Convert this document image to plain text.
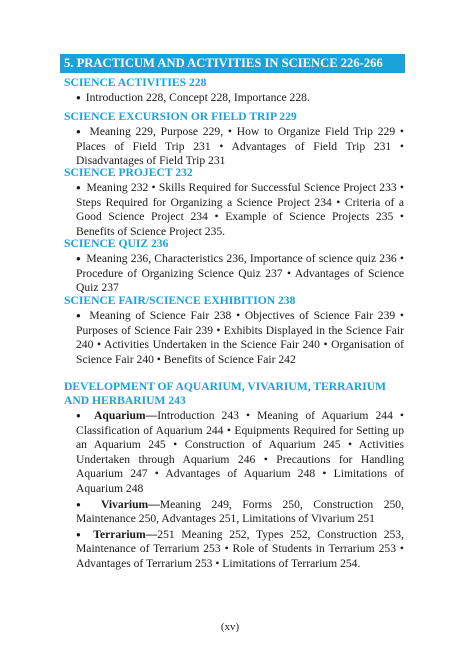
5. PRACTICUM AND ACTIVITIES IN SCIENCE 226-266
SCIENCE ACTIVITIES 228
● Introduction 228, Concept 228, Importance 228.
SCIENCE EXCURSION OR FIELD TRIP 229
● Meaning 229, Purpose 229, • How to Organize Field Trip 229 • Places of Field Trip 231 • Advantages of Field Trip 231 • Disadvantages of Field Trip 231
SCIENCE PROJECT 232
● Meaning 232 • Skills Required for Successful Science Project 233 • Steps Required for Organizing a Science Project 234 • Criteria of a Good Science Project 234 • Example of Science Projects 235 • Benefits of Science Project 235.
SCIENCE QUIZ 236
● Meaning 236, Characteristics 236, Importance of science quiz 236 • Procedure of Organizing Science Quiz 237 • Advantages of Science Quiz 237
SCIENCE FAIR/SCIENCE EXHIBITION 238
● Meaning of Science Fair 238 • Objectives of Science Fair 239 • Purposes of Science Fair 239 • Exhibits Displayed in the Science Fair 240 • Activities Undertaken in the Science Fair 240 • Organisation of Science Fair 240 • Benefits of Science Fair 242
DEVELOPMENT OF AQUARIUM, VIVARIUM, TERRARIUM AND HERBARIUM 243
● Aquarium—Introduction 243 • Meaning of Aquarium 244 • Classification of Aquarium 244 • Equipments Required for Setting up an Aquarium 245 • Construction of Aquarium 245 • Activities Undertaken through Aquarium 246 • Precautions for Handling Aquarium 247 • Advantages of Aquarium 248 • Limitations of Aquarium 248
● Vivarium—Meaning 249, Forms 250, Construction 250, Maintenance 250, Advantages 251, Limitations of Vivarium 251
● Terrarium—251 Meaning 252, Types 252, Construction 253, Maintenance of Terrarium 253 • Role of Students in Terrarium 253 • Advantages of Terrarium 253 • Limitations of Terrarium 254.
(xv)
